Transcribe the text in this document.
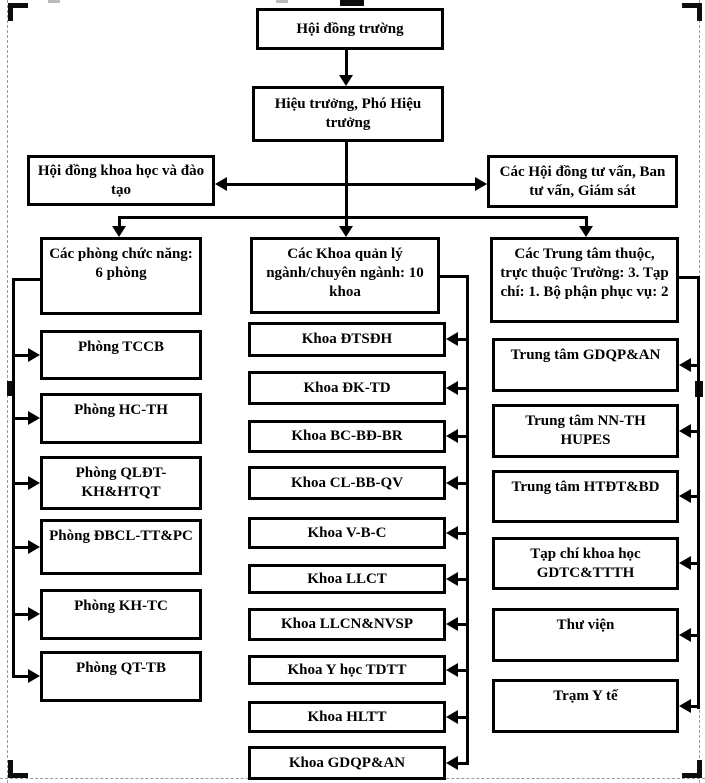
Hội đồng trường
Hiệu trưởng, Phó Hiệu trưởng
Hội đồng khoa học và đào tạo
Các Hội đồng tư vấn, Ban tư vấn, Giám sát
Các phòng chức năng: 6 phòng
Các Khoa quản lý ngành/chuyên ngành: 10 khoa
Các Trung tâm thuộc, trực thuộc Trường: 3. Tạp chí: 1. Bộ phận phục vụ: 2
Phòng TCCB
Phòng HC-TH
Phòng QLĐT-KH&HTQT
Phòng ĐBCL-TT&PC
Phòng KH-TC
Phòng QT-TB
Khoa ĐTSĐH
Khoa ĐK-TD
Khoa BC-BĐ-BR
Khoa CL-BB-QV
Khoa V-B-C
Khoa LLCT
Khoa LLCN&NVSP
Khoa Y học TDTT
Khoa HLTT
Khoa GDQP&AN
Trung tâm GDQP&AN
Trung tâm NN-TH HUPES
Trung tâm HTĐT&BD
Tạp chí khoa học GDTC&TTTH
Thư viện
Trạm Y tế
